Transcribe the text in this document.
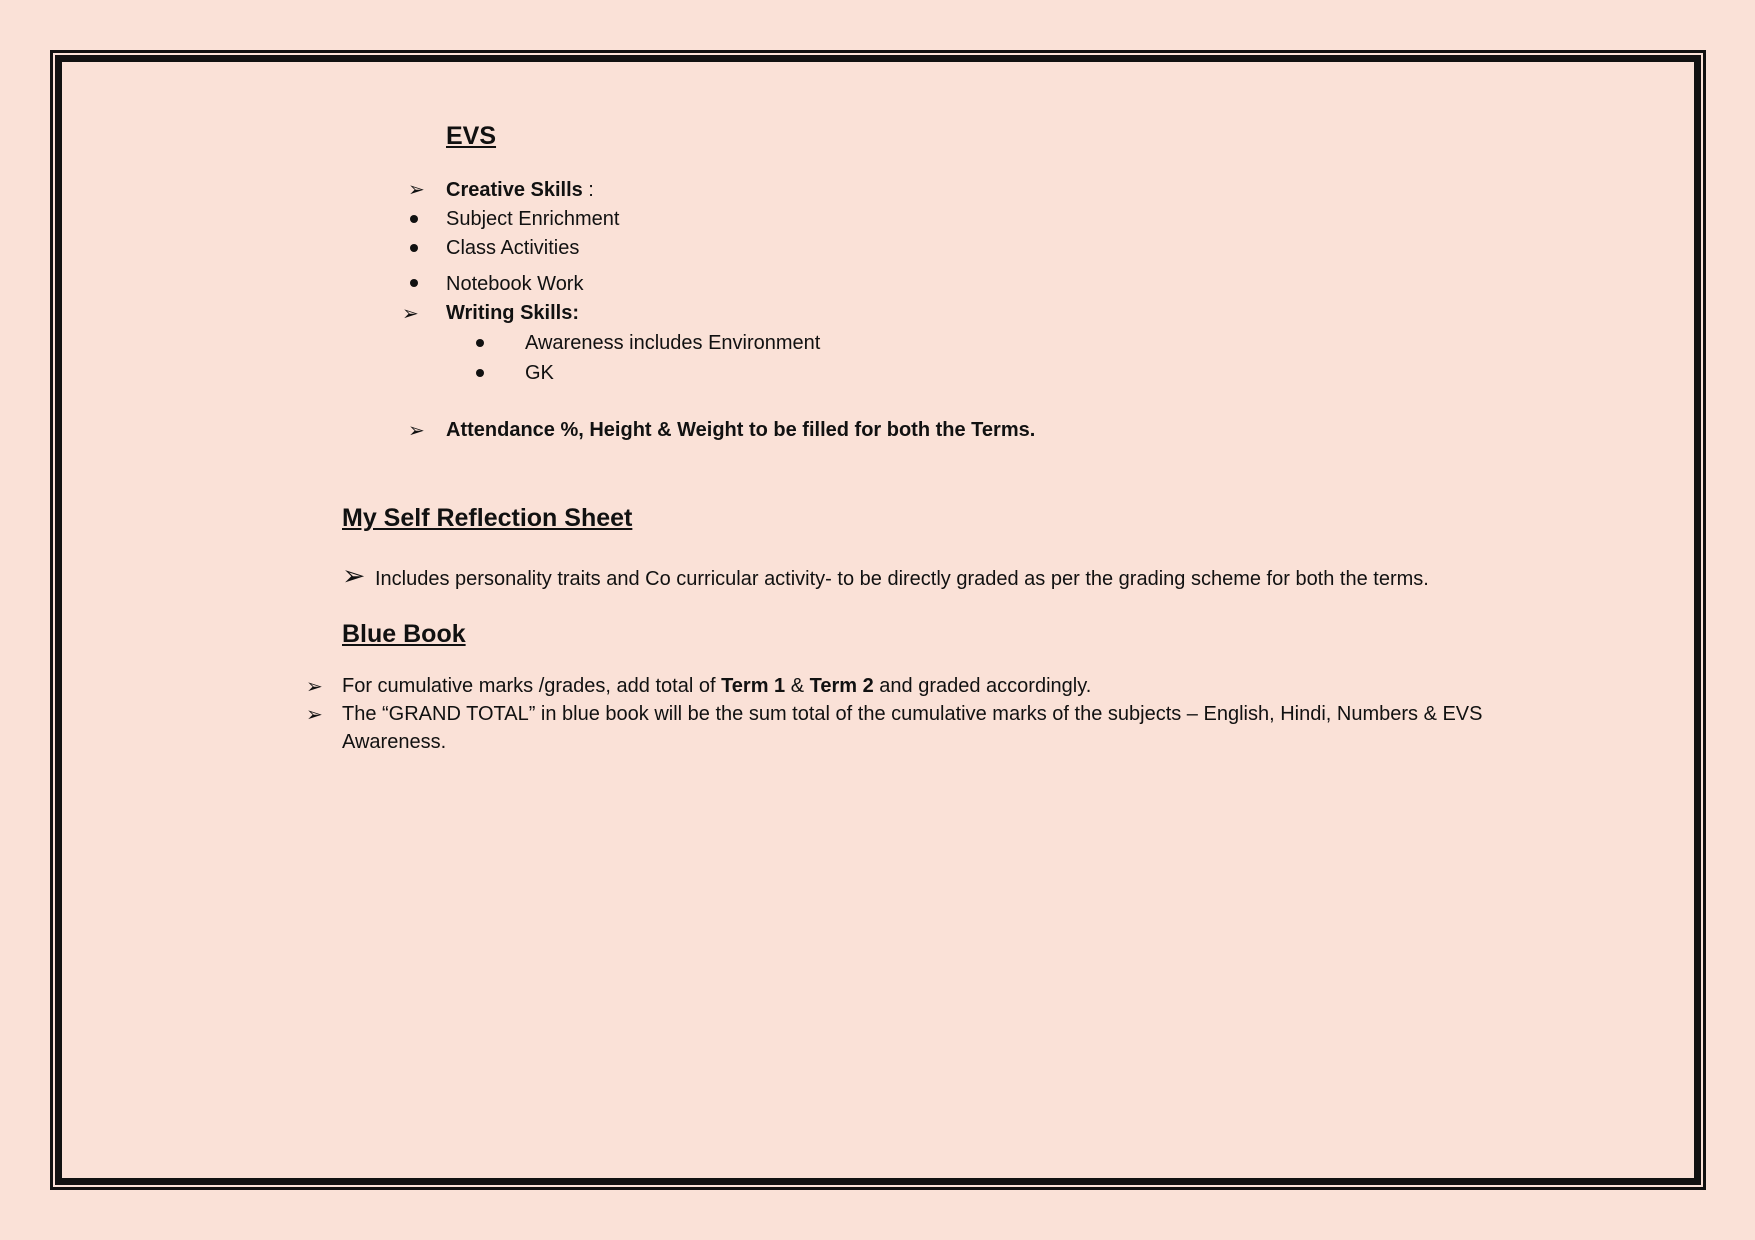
EVS
➢ Creative Skills :
Subject Enrichment
Class Activities
Notebook Work
➢ Writing Skills:
Awareness includes Environment
GK
➢ Attendance %, Height & Weight to be filled for both the Terms.
My Self Reflection Sheet
➢ Includes personality traits and Co curricular activity- to be directly graded as per the grading scheme for both the terms.
Blue Book
➢ For cumulative marks /grades, add total of Term 1 & Term 2 and graded accordingly.
➢ The “GRAND TOTAL” in blue book will be the sum total of the cumulative marks of the subjects – English, Hindi, Numbers & EVS
Awareness.
